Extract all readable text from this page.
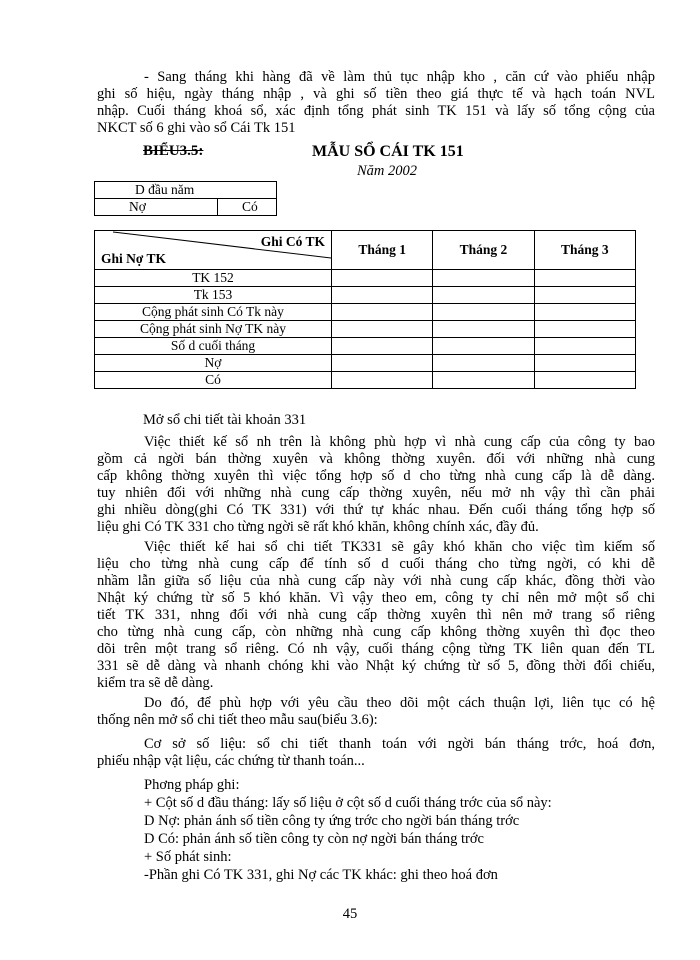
- Sang tháng khi hàng đã về làm thủ tục nhập kho , căn cứ vào phiếu nhập
ghi số hiệu, ngày tháng nhập , và ghi số tiền theo giá thực tế và hạch toán NVL
nhập. Cuối tháng khoá sổ, xác định tổng phát sinh TK 151 và lấy số tổng cộng của
NKCT số 6 ghi vào sổ Cái Tk 151
BIỂU3.5:	MẪU SỔ CÁI TK 151
Năm 2002
D đầu năm
Nợ	Có
Ghi Có TK
Ghi Nợ TK	Tháng 1	Tháng 2	Tháng 3
TK 152			
Tk 153			
Cộng phát sinh Có Tk này			
Cộng phát sinh Nợ TK này			
Số d cuối tháng			
Nợ			
Có			
Mở sổ chi tiết tài khoản 331
Việc thiết kế sổ nh trên là không phù hợp vì nhà cung cấp của công ty bao
gồm cả ngời bán thờng xuyên và không thờng xuyên. đối với những nhà cung
cấp không thờng xuyên thì việc tổng hợp số d cho từng nhà cung cấp là dễ dàng.
tuy nhiên đối với những nhà cung cấp thờng xuyên, nếu mở nh vậy thì cần phải
ghi nhiều dòng(ghi Có TK 331) với thứ tự khác nhau. Đến cuối tháng tổng hợp số
liệu ghi Có TK 331 cho từng ngời sẽ rất khó khăn, không chính xác, đầy đủ.
Việc thiết kế hai sổ chi tiết TK331 sẽ gây khó khăn cho việc tìm kiếm số
liệu cho từng nhà cung cấp để tính số d cuối tháng cho từng ngời, có khi dễ
nhầm lẫn giữa số liệu của nhà cung cấp này với nhà cung cấp khác, đồng thời vào
Nhật ký chứng từ số 5 khó khăn. Vì vậy theo em, công ty chỉ nên mở một sổ chi
tiết TK 331, nhng đối với nhà cung cấp thờng xuyên thì nên mở trang sổ riêng
cho từng nhà cung cấp, còn những nhà cung cấp không thờng xuyên thì đọc theo
dõi trên một trang sổ riêng. Có nh vậy, cuối tháng cộng từng TK liên quan đến TL
331 sẽ dễ dàng và nhanh chóng khi vào Nhật ký chứng từ số 5, đồng thời đối chiếu,
kiểm tra sẽ dễ dàng.
Do đó, để phù hợp với yêu cầu theo dõi một cách thuận lợi, liên tục có hệ
thống nên mở sổ chi tiết theo mẫu sau(biểu 3.6):
Cơ sở số liệu: sổ chi tiết thanh toán với ngời bán tháng trớc, hoá đơn,
phiếu nhập vật liệu, các chứng từ thanh toán...
Phơng pháp ghi:
+ Cột số d đầu tháng: lấy số liệu ở cột số d cuối tháng trớc của sổ này:
D Nợ: phản ánh số tiền công ty ứng trớc cho ngời bán tháng trớc
D Có: phản ánh số tiền công ty còn nợ ngời bán tháng trớc
+ Số phát sinh:
-Phần ghi Có TK 331, ghi Nợ các TK khác: ghi theo hoá đơn
45
